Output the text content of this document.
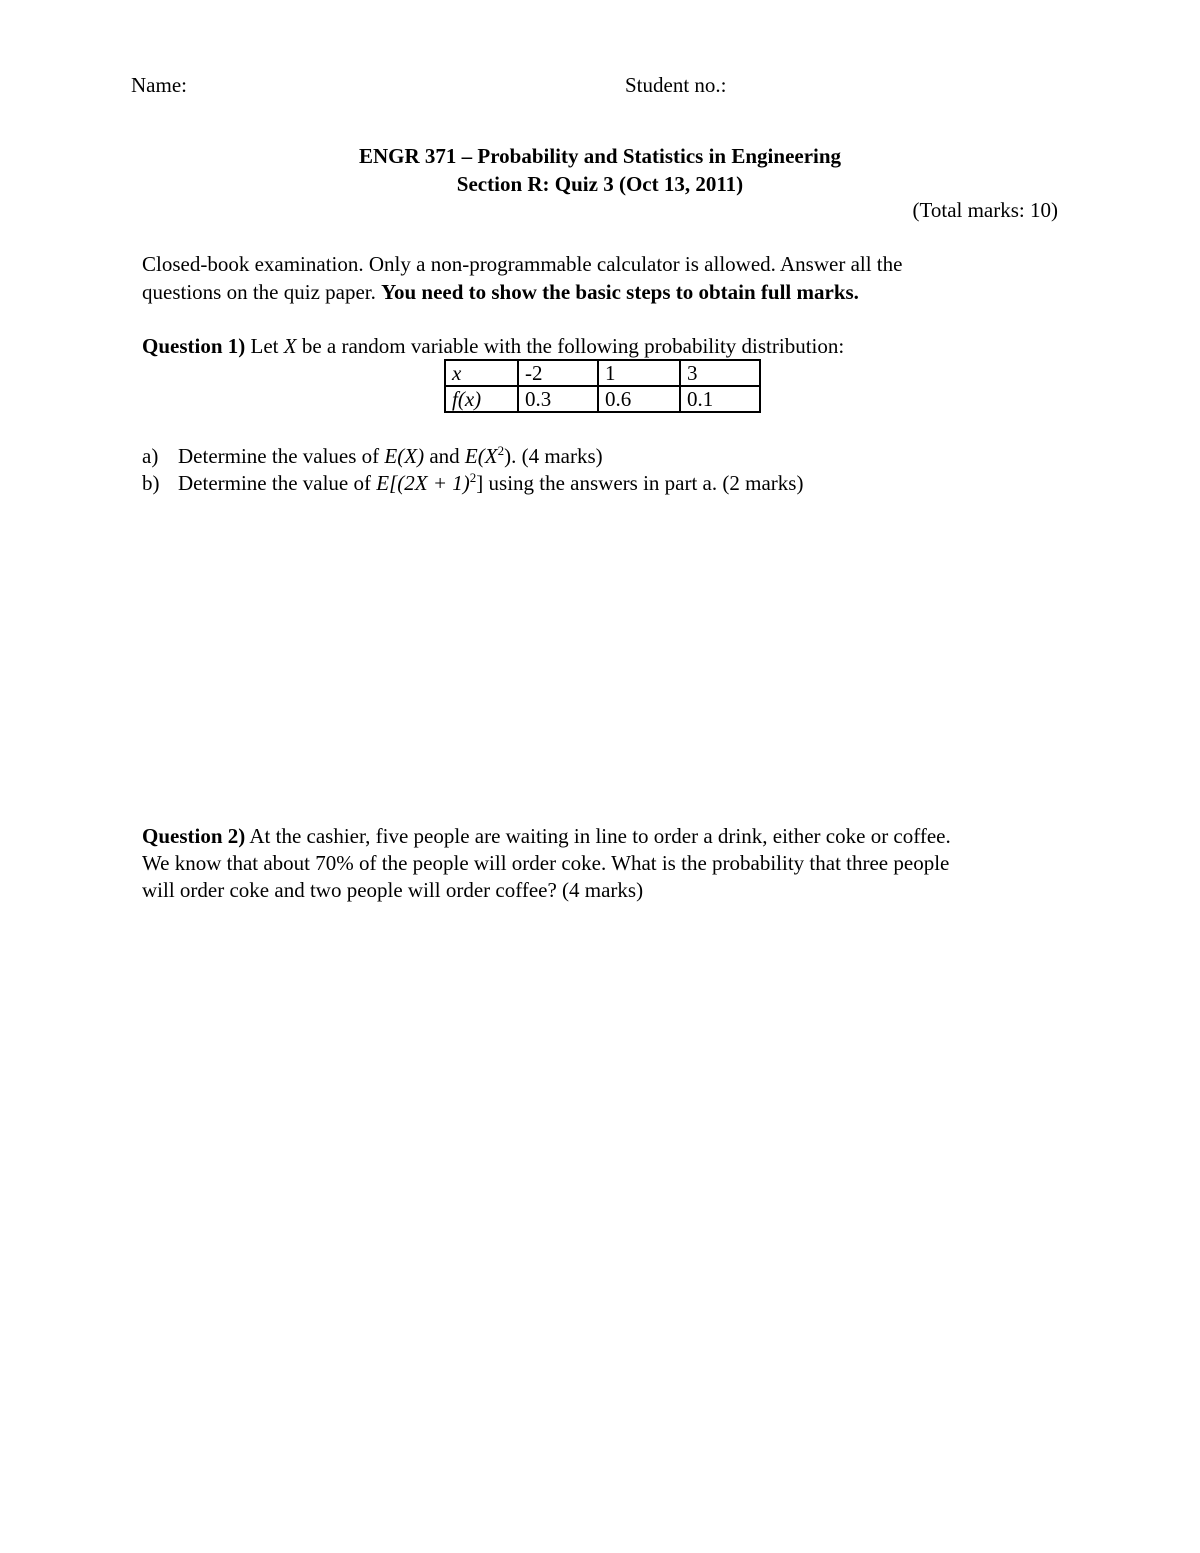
Name:	Student no.:
ENGR 371 – Probability and Statistics in Engineering
Section R: Quiz 3 (Oct 13, 2011)
(Total marks: 10)
Closed-book examination. Only a non-programmable calculator is allowed. Answer all the
questions on the quiz paper. You need to show the basic steps to obtain full marks.
Question 1) Let X be a random variable with the following probability distribution:
x	-2	1	3
f(x)	0.3	0.6	0.1
a) Determine the values of E(X) and $E(X^2)$. (4 marks)
b) Determine the value of $E[(2X + 1)^2]$ using the answers in part a. (2 marks)
Question 2) At the cashier, five people are waiting in line to order a drink, either coke or coffee.
We know that about 70% of the people will order coke. What is the probability that three people
will order coke and two people will order coffee? (4 marks)
